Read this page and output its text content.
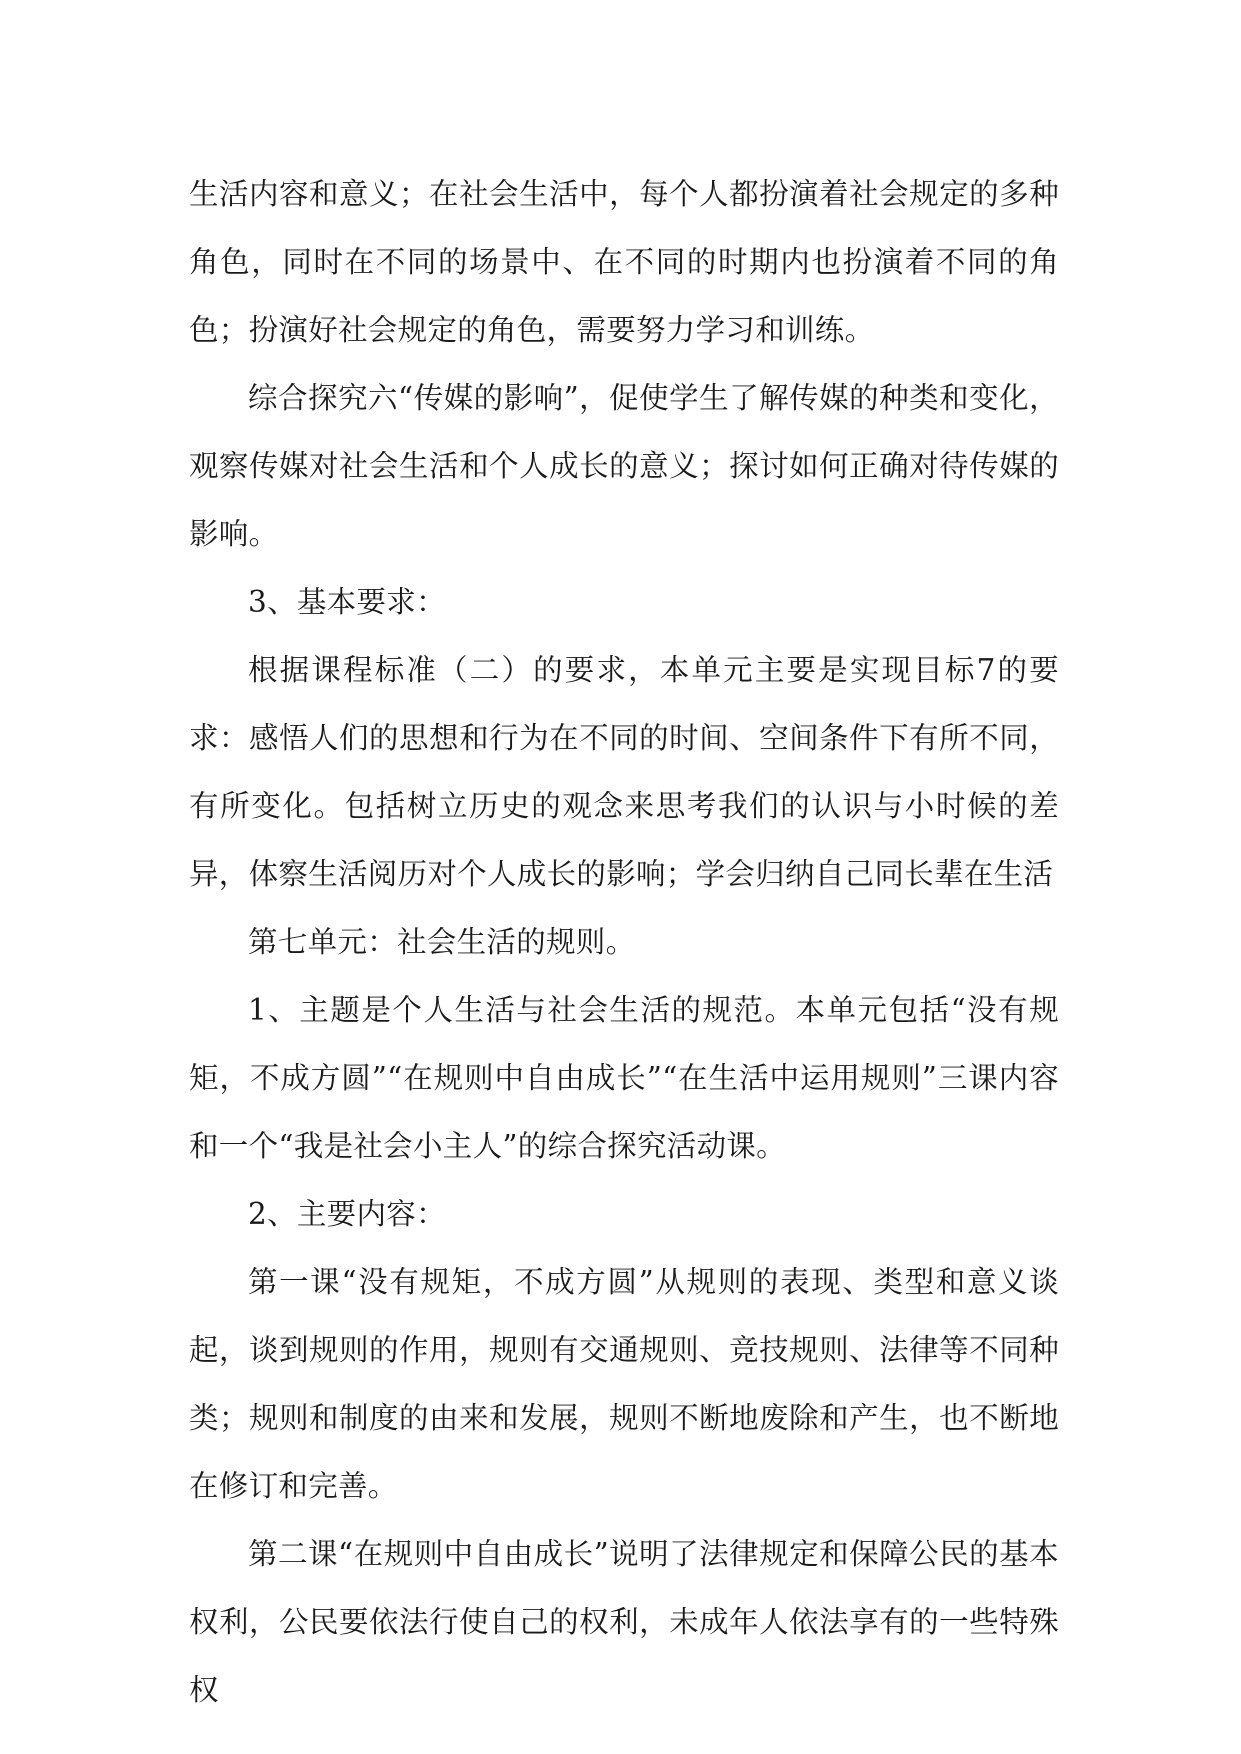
生活内容和意义；在社会生活中，每个人都扮演着社会规定的多种角色，同时在不同的场景中、在不同的时期内也扮演着不同的角色；扮演好社会规定的角色，需要努力学习和训练。

综合探究六“传媒的影响”，促使学生了解传媒的种类和变化，观察传媒对社会生活和个人成长的意义；探讨如何正确对待传媒的影响。

3、基本要求：

根据课程标准（二）的要求，本单元主要是实现目标7的要求：感悟人们的思想和行为在不同的时间、空间条件下有所不同，有所变化。包括树立历史的观念来思考我们的认识与小时候的差异，体察生活阅历对个人成长的影响；学会归纳自己同长辈在生活

第七单元：社会生活的规则。

1、主题是个人生活与社会生活的规范。本单元包括“没有规矩，不成方圆”“在规则中自由成长”“在生活中运用规则”三课内容和一个“我是社会小主人”的综合探究活动课。

2、主要内容：

第一课“没有规矩，不成方圆”从规则的表现、类型和意义谈起，谈到规则的作用，规则有交通规则、竞技规则、法律等不同种类；规则和制度的由来和发展，规则不断地废除和产生，也不断地在修订和完善。

第二课“在规则中自由成长”说明了法律规定和保障公民的基本权利，公民要依法行使自己的权利，未成年人依法享有的一些特殊权
